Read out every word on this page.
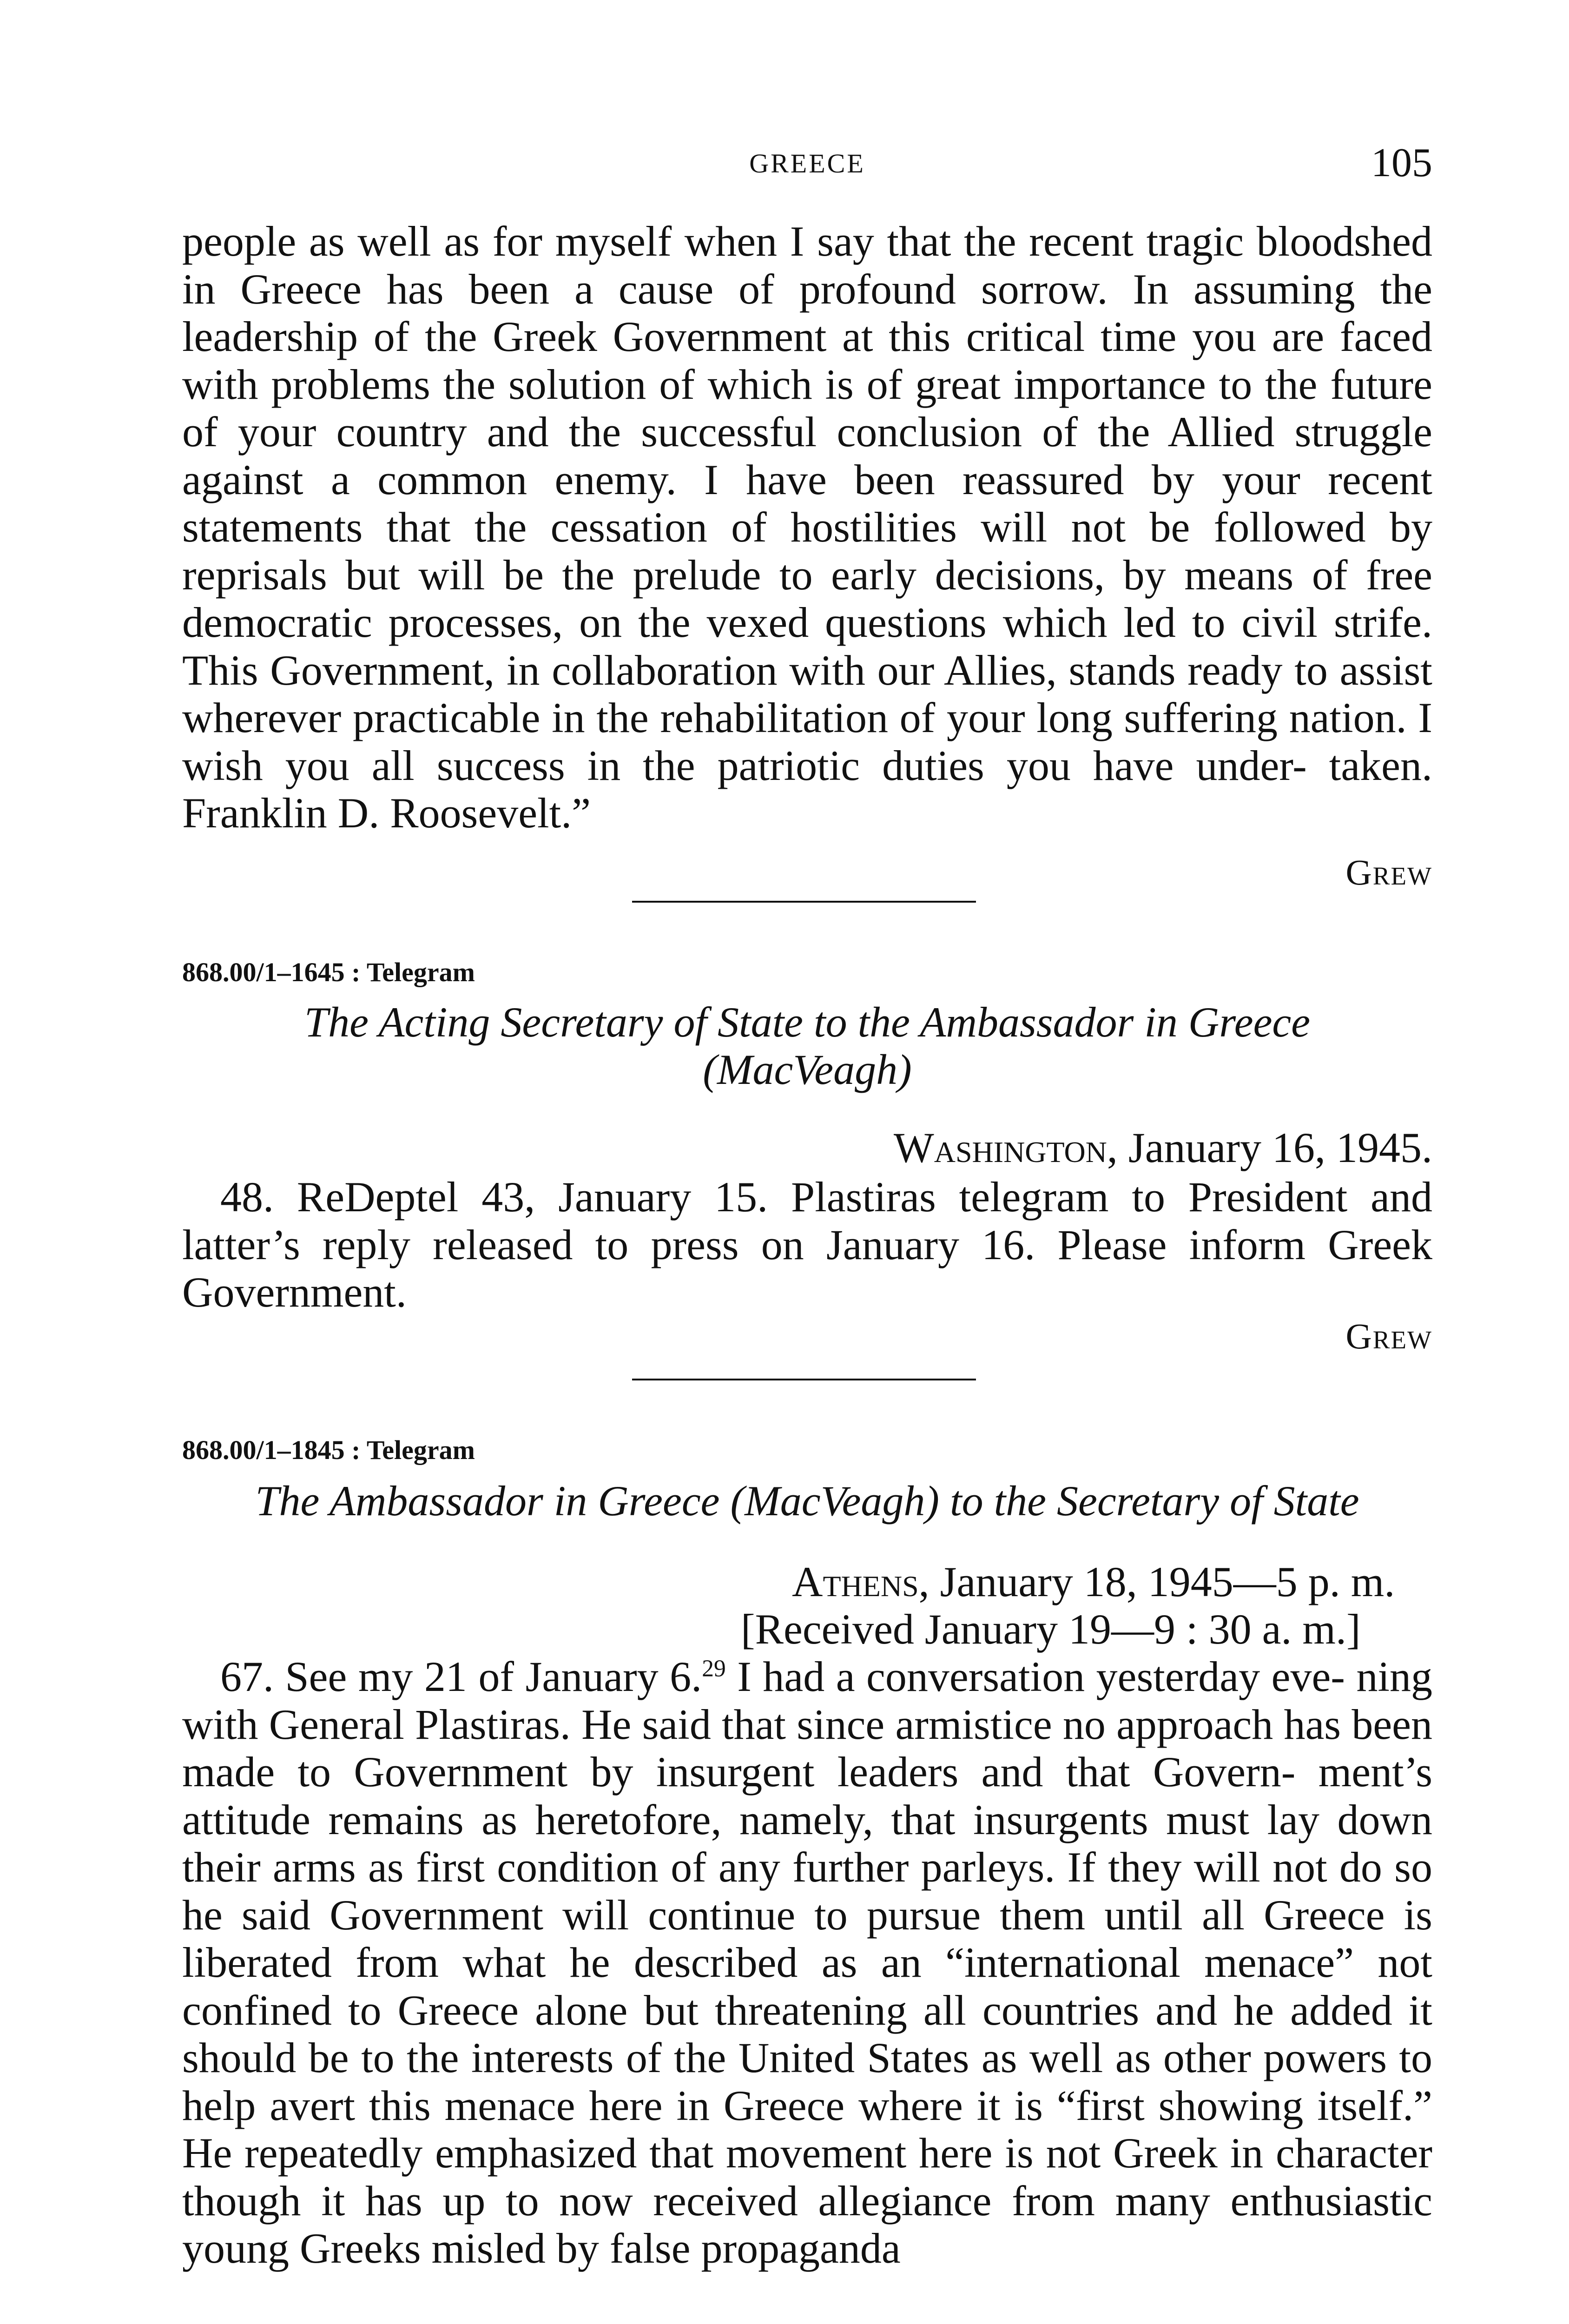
GREECE	105

people as well as for myself when I say that the recent tragic bloodshed in Greece has been a cause of profound sorrow. In assuming the leadership of the Greek Government at this critical time you are faced with problems the solution of which is of great importance to the future of your country and the successful conclusion of the Allied struggle against a common enemy. I have been reassured by your recent statements that the cessation of hostilities will not be followed by reprisals but will be the prelude to early decisions, by means of free democratic processes, on the vexed questions which led to civil strife. This Government, in collaboration with our Allies, stands ready to assist wherever practicable in the rehabilitation of your long suffering nation. I wish you all success in the patriotic duties you have under- taken. Franklin D. Roosevelt.”

Grew
868.00/1–1645 : Telegram

The Acting Secretary of State to the Ambassador in Greece

(MacVeagh)

Washington, January 16, 1945.

48. ReDeptel 43, January 15. Plastiras telegram to President and latter’s reply released to press on January 16. Please inform Greek Government.

Grew
868.00/1–1845 : Telegram

The Ambassador in Greece (MacVeagh) to the Secretary of State

Athens, January 18, 1945—5 p. m.
[Received January 19—9 : 30 a. m.]

67. See my 21 of January 6.29 I had a conversation yesterday eve- ning with General Plastiras. He said that since armistice no approach has been made to Government by insurgent leaders and that Govern- ment’s attitude remains as heretofore, namely, that insurgents must lay down their arms as first condition of any further parleys. If they will not do so he said Government will continue to pursue them until all Greece is liberated from what he described as an “international menace” not confined to Greece alone but threatening all countries and he added it should be to the interests of the United States as well as other powers to help avert this menace here in Greece where it is “first showing itself.” He repeatedly emphasized that movement here is not Greek in character though it has up to now received allegiance from many enthusiastic young Greeks misled by false propaganda
